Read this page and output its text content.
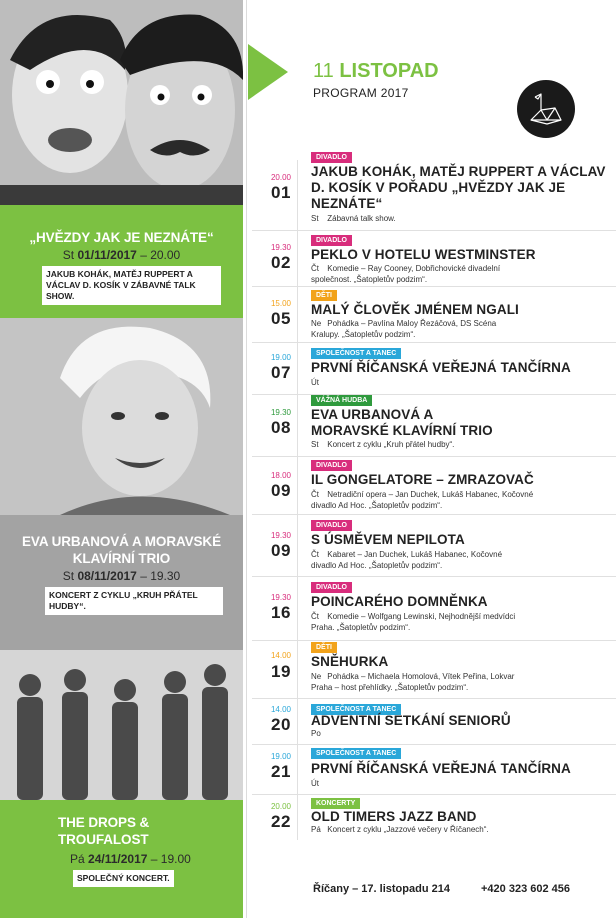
„HVĚZDY JAK JE NEZNÁTE“
St 01/11/2017 – 20.00
JAKUB KOHÁK, MATĚJ RUPPERT A VÁCLAV D. KOSÍK V ZÁBAVNÉ TALK SHOW.
EVA URBANOVÁ A MORAVSKÉ KLAVÍRNÍ TRIO
St 08/11/2017 – 19.30
KONCERT Z CYKLU „KRUH PŘÁTEL HUDBY“.
THE DROPS & TROUFALOST
Pá 24/11/2017 – 19.00
SPOLEČNÝ KONCERT.
11 LISTOPAD
PROGRAM 2017
20.00
01
DIVADLO
JAKUB KOHÁK, MATĚJ RUPPERT A VÁCLAV D. KOSÍK V POŘADU „HVĚZDY JAK JE NEZNÁTE“
St Zábavná talk show.
19.30
02
DIVADLO
PEKLO V HOTELU WESTMINSTER
Čt Komedie – Ray Cooney, Dobřichovické divadelní společnost. „Šatopletův podzim“.
15.00
05
DĚTI
MALÝ ČLOVĚK JMÉNEM NGALI
Ne Pohádka – Pavlína Maloy Řezáčová, DS Scéna Kralupy. „Šatopletův podzim“.
19.00
07
SPOLEČNOST A TANEC
PRVNÍ ŘÍČANSKÁ VEŘEJNÁ TANČÍRNA
Út
19.30
08
VÁŽNÁ HUDBA
EVA URBANOVÁ A MORAVSKÉ KLAVÍRNÍ TRIO
St Koncert z cyklu „Kruh přátel hudby“.
18.00
09
DIVADLO
IL GONGELATORE – ZMRAZOVAČ
Čt Netradiční opera – Jan Duchek, Lukáš Habanec, Kočovné divadlo Ad Hoc. „Šatopletův podzim“.
19.30
09
DIVADLO
S ÚSMĚVEM NEPILOTA
Čt Kabaret – Jan Duchek, Lukáš Habanec, Kočovné divadlo Ad Hoc. „Šatopletův podzim“.
19.30
16
DIVADLO
POINCARÉHO DOMNĚNKA
Čt Komedie – Wolfgang Lewinski, Nejhodnější medvídci Praha. „Šatopletův podzim“.
14.00
19
DĚTI
SNĚHURKA
Ne Pohádka – Michaela Homolová, Vítek Peřina, Lokvar Praha – host přehlídky. „Šatopletův podzim“.
14.00
20
SPOLEČNOST A TANEC
ADVENTNÍ SETKÁNÍ SENIORŮ
Po
19.00
21
SPOLEČNOST A TANEC
PRVNÍ ŘÍČANSKÁ VEŘEJNÁ TANČÍRNA
Út
20.00
22
KONCERTY
OLD TIMERS JAZZ BAND
Pá Koncert z cyklu „Jazzové večery v Říčanech“.
Říčany – 17. listopadu 214	+420 323 602 456
